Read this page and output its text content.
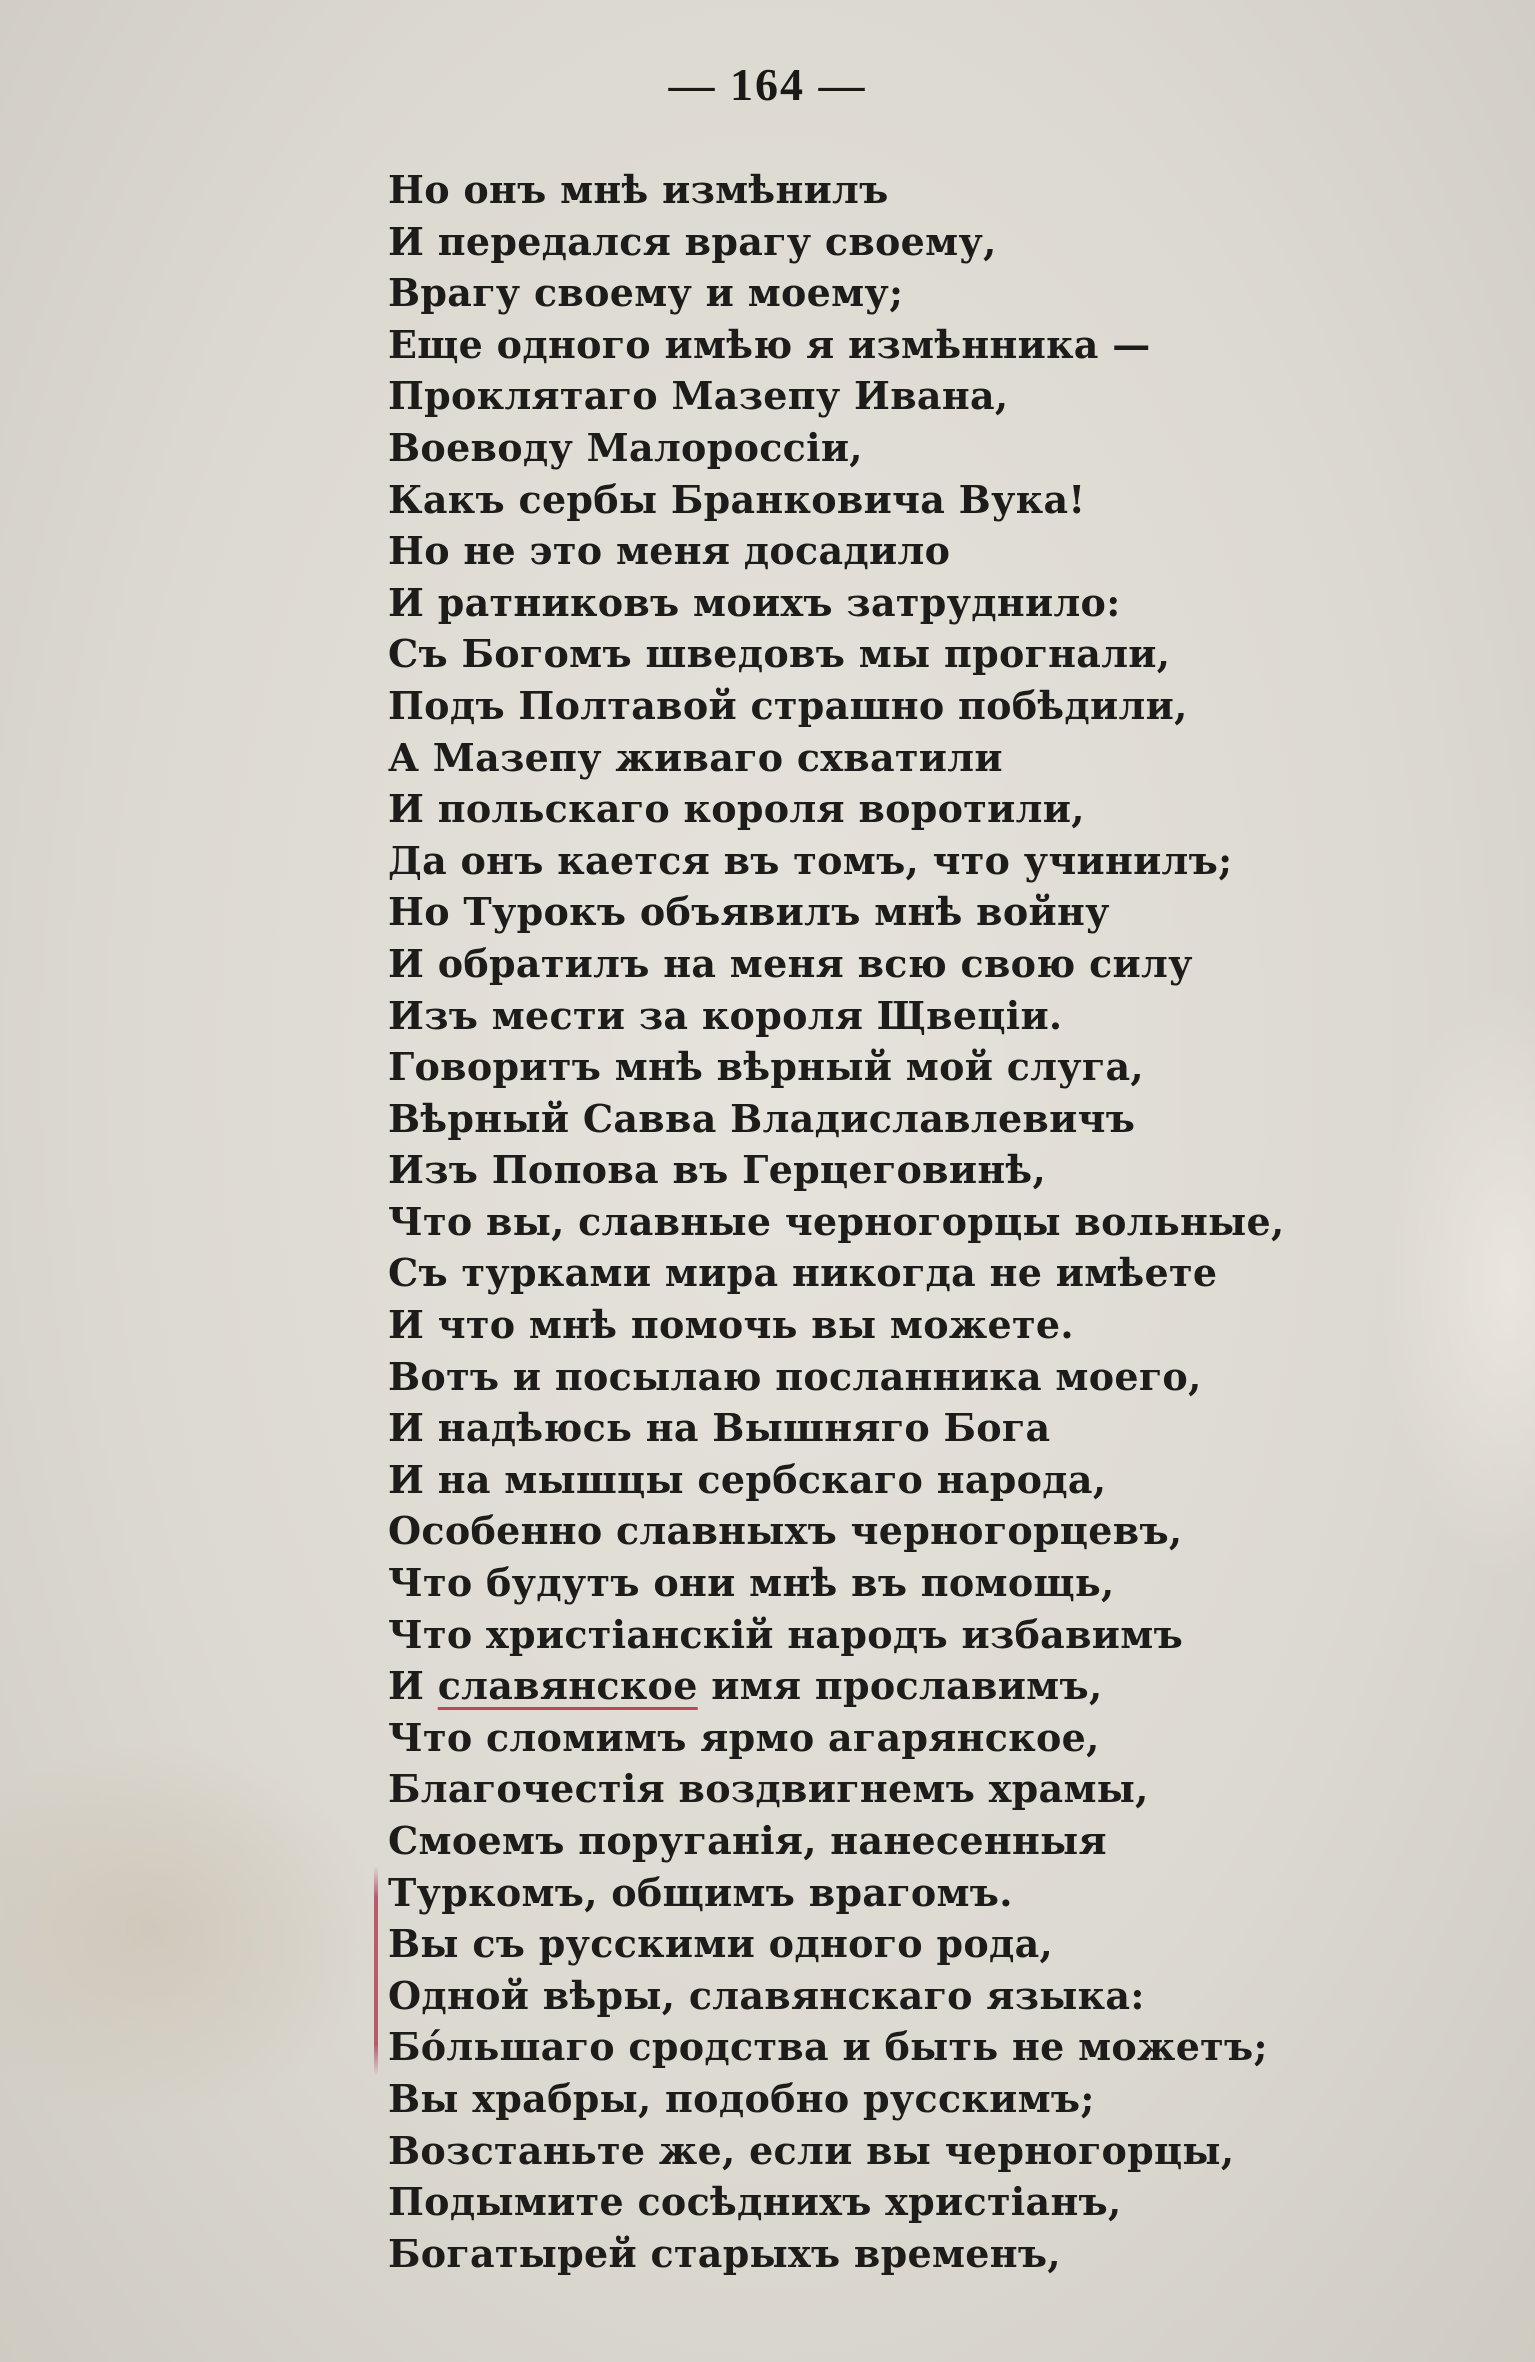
— 164 —
Но онъ мнѣ измѣнилъ
И передался врагу своему,
Врагу своему и моему;
Еще одного имѣю я измѣнника —
Проклятаго Мазепу Ивана,
Воеводу Малороссіи,
Какъ сербы Бранковича Вука!
Но не это меня досадило
И ратниковъ моихъ затруднило:
Съ Богомъ шведовъ мы прогнали,
Подъ Полтавой страшно побѣдили,
А Мазепу живаго схватили
И польскаго короля воротили,
Да онъ кается въ томъ, что учинилъ;
Но Турокъ объявилъ мнѣ войну
И обратилъ на меня всю свою силу
Изъ мести за короля Щвеціи.
Говоритъ мнѣ вѣрный мой слуга,
Вѣрный Савва Владиславлевичъ
Изъ Попова въ Герцеговинѣ,
Что вы, славные черногорцы вольные,
Съ турками мира никогда не имѣете
И что мнѣ помочь вы можете.
Вотъ и посылаю посланника моего,
И надѣюсь на Вышняго Бога
И на мышцы сербскаго народа,
Особенно славныхъ черногорцевъ,
Что будутъ они мнѣ въ помощь,
Что христіанскій народъ избавимъ
И славянское имя прославимъ,
Что сломимъ ярмо агарянское,
Благочестія воздвигнемъ храмы,
Смоемъ поруганія, нанесенныя
Туркомъ, общимъ врагомъ.
Вы съ русскими одного рода,
Одной вѣры, славянскаго языка:
Бóльшаго сродства и быть не можетъ;
Вы храбры, подобно русскимъ;
Возстаньте же, если вы черногорцы,
Подымите сосѣднихъ христіанъ,
Богатырей старыхъ временъ,
